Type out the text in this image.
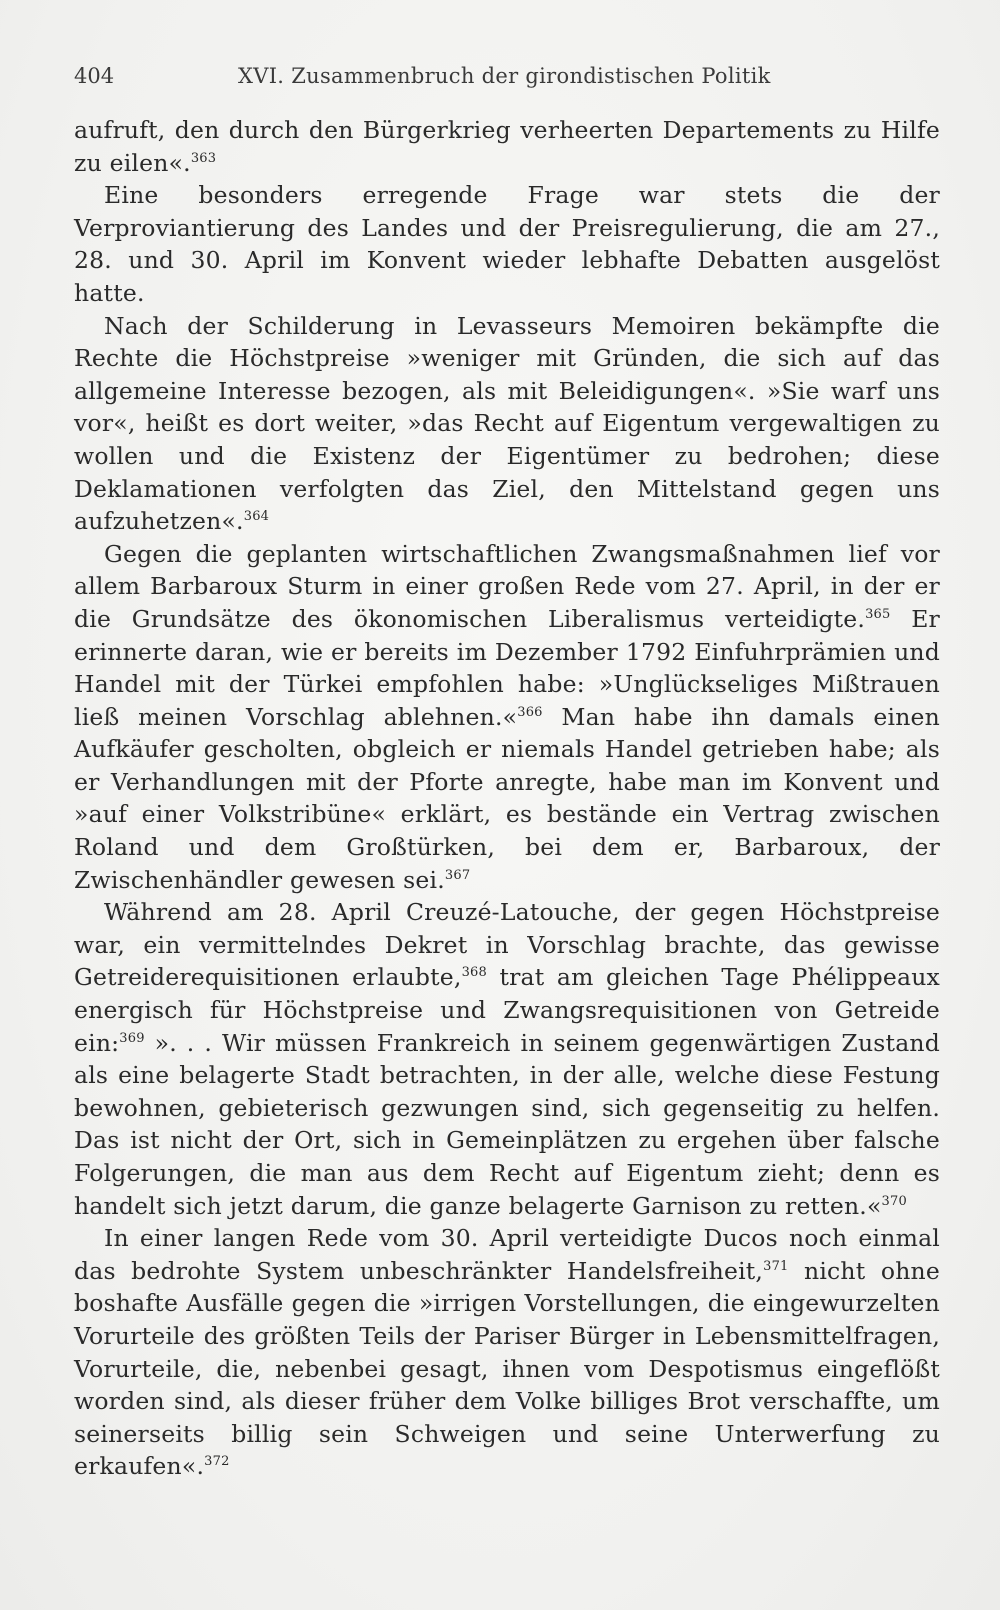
404	XVI. Zusammenbruch der girondistischen Politik

aufruft, den durch den Bürgerkrieg verheerten Departements zu Hilfe zu eilen«.$^{363}$

Eine besonders erregende Frage war stets die der Verproviantierung des Landes und der Preisregulierung, die am 27., 28. und 30. April im Konvent wieder lebhafte Debatten ausgelöst hatte.

Nach der Schilderung in Levasseurs Memoiren bekämpfte die Rechte die Höchstpreise »weniger mit Gründen, die sich auf das allgemeine Interesse bezogen, als mit Beleidigungen«. »Sie warf uns vor«, heißt es dort weiter, »das Recht auf Eigentum vergewaltigen zu wollen und die Existenz der Eigentümer zu bedrohen; diese Deklamationen verfolgten das Ziel, den Mittelstand gegen uns aufzuhetzen«.$^{364}$

Gegen die geplanten wirtschaftlichen Zwangsmaßnahmen lief vor allem Barbaroux Sturm in einer großen Rede vom 27. April, in der er die Grundsätze des ökonomischen Liberalismus verteidigte.$^{365}$ Er erinnerte daran, wie er bereits im Dezember 1792 Einfuhrprämien und Handel mit der Türkei empfohlen habe: »Unglückseliges Mißtrauen ließ meinen Vorschlag ablehnen.«$^{366}$ Man habe ihn damals einen Aufkäufer gescholten, obgleich er niemals Handel getrieben habe; als er Verhandlungen mit der Pforte anregte, habe man im Konvent und »auf einer Volkstribüne« erklärt, es bestände ein Vertrag zwischen Roland und dem Großtürken, bei dem er, Barbaroux, der Zwischenhändler gewesen sei.$^{367}$

Während am 28. April Creuzé-Latouche, der gegen Höchstpreise war, ein vermittelndes Dekret in Vorschlag brachte, das gewisse Getreiderequisitionen erlaubte,$^{368}$ trat am gleichen Tage Phélippeaux energisch für Höchstpreise und Zwangsrequisitionen von Getreide ein:$^{369}$ ». . . Wir müssen Frankreich in seinem gegenwärtigen Zustand als eine belagerte Stadt betrachten, in der alle, welche diese Festung bewohnen, gebieterisch gezwungen sind, sich gegenseitig zu helfen. Das ist nicht der Ort, sich in Gemeinplätzen zu ergehen über falsche Folgerungen, die man aus dem Recht auf Eigentum zieht; denn es handelt sich jetzt darum, die ganze belagerte Garnison zu retten.«$^{370}$

In einer langen Rede vom 30. April verteidigte Ducos noch einmal das bedrohte System unbeschränkter Handelsfreiheit,$^{371}$ nicht ohne boshafte Ausfälle gegen die »irrigen Vorstellungen, die eingewurzelten Vorurteile des größten Teils der Pariser Bürger in Lebensmittelfragen, Vorurteile, die, nebenbei gesagt, ihnen vom Despotismus eingeflößt worden sind, als dieser früher dem Volke billiges Brot verschaffte, um seinerseits billig sein Schweigen und seine Unterwerfung zu erkaufen«.$^{372}$
